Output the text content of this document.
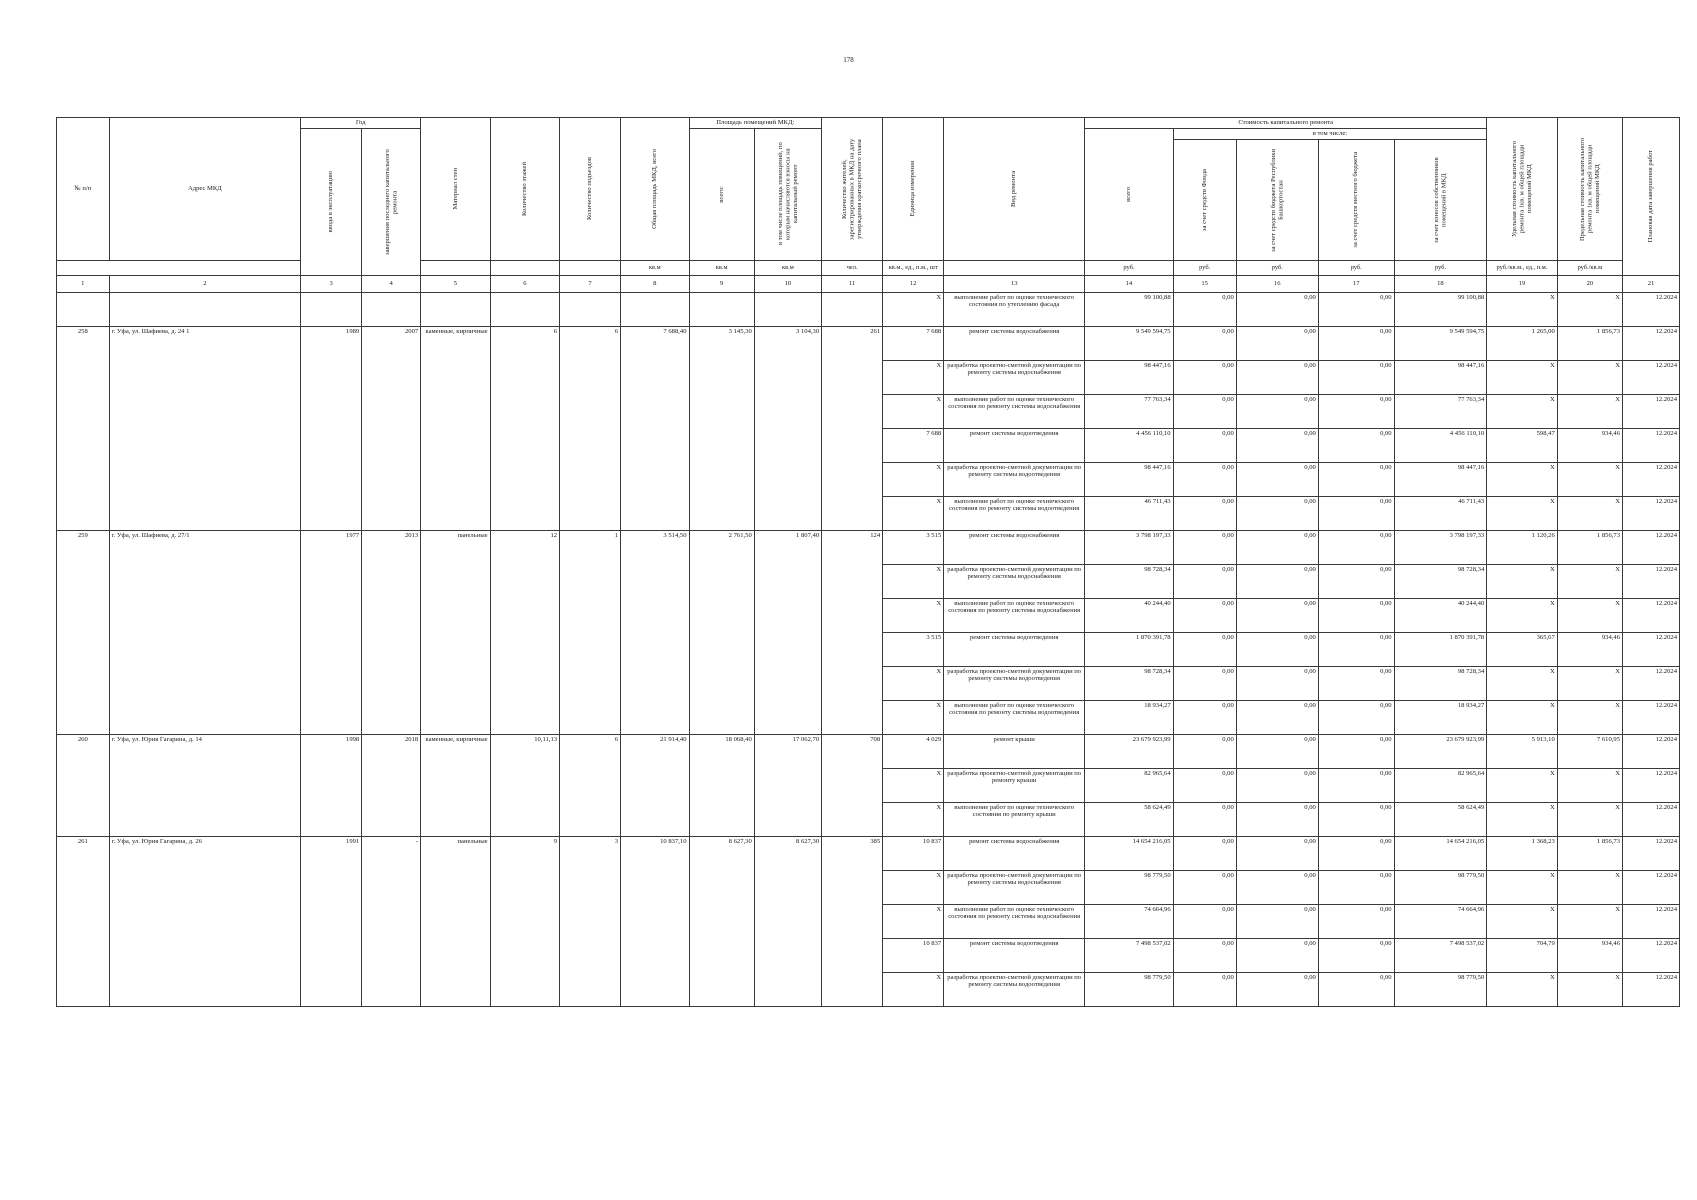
178
№ п/п	Адрес МКД	Год		Материал стен	Количество этажей	Количество подъездов	Общая площадь МКД, всего	Площадь помещений МКД:		Количество жителей, зарегистрированных в МКД на дату утверждения краткосрочного плана	Единица измерения	Вид ремонта	Стоимость капитального ремонта					Удельная стоимость капитального ремонта 1кв. м общей площади помещений МКД	Предельная стоимость капитального ремонта 1кв. м общей площади помещений МКД	Плановая дата завершения работ

		ввода в эксплуатацию	завершения последнего капитального ремонта					всего:	в том числе площадь помещений, по которым начисляются взносы на капитальный ремонт				всего	в том числе:						

														за счет средств Фонда	за счет средств бюджета Республики Башкортостан	за счет средств местного бюджета	за счет взносов собственников помещений в МКД			

							кв.м	кв.м	кв.м	чел.	кв.м., ед., п.м., шт		руб.	руб.	руб.	руб.	руб.	руб./кв.м., ед., п.м.	руб./кв.м	
1	2	3	4	5	6	7	8	9	10	11	12	13	14	15	16	17	18	19	20	21
											X	выполнение работ по оценке технического состояния по утеплению фасада	99 100,88	0,00	0,00	0,00	99 100,88	X	X	12.2024
258	г. Уфа, ул. Шафиева, д. 24 1	1989	2007	каменные, кирпичные	6	6	7 688,40	3 145,30	3 104,30	261	7 688	ремонт системы водоснабжения	9 549 594,75	0,00	0,00	0,00	9 549 594,75	1 265,00	1 856,73	12.2024
											X	разработка проектно-сметной документации по ремонту системы водоснабжения	98 447,16	0,00	0,00	0,00	98 447,16	X	X	12.2024
											X	выполнение работ по оценке технического состояния по ремонту системы водоснабжения	77 763,34	0,00	0,00	0,00	77 763,34	X	X	12.2024
											7 688	ремонт системы водоотведения	4 456 110,10	0,00	0,00	0,00	4 456 110,10	598,47	934,46	12.2024
											X	разработка проектно-сметной документации по ремонту системы водоотведения	98 447,16	0,00	0,00	0,00	98 447,16	X	X	12.2024
											X	выполнение работ по оценке технического состояния по ремонту системы водоотведения	46 711,43	0,00	0,00	0,00	46 711,43	X	X	12.2024
259	г. Уфа, ул. Шафиева, д. 27/1	1977	2013	панельные	12	1	3 514,50	2 761,50	1 807,40	124	3 515	ремонт системы водоснабжения	3 798 197,33	0,00	0,00	0,00	3 798 197,33	1 120,26	1 856,73	12.2024
											X	разработка проектно-сметной документации по ремонту системы водоснабжения	98 728,34	0,00	0,00	0,00	98 728,34	X	X	12.2024
											X	выполнение работ по оценке технического состояния по ремонту системы водоснабжения	40 244,40	0,00	0,00	0,00	40 244,40	X	X	12.2024
											3 515	ремонт системы водоотведения	1 870 391,78	0,00	0,00	0,00	1 870 391,78	365,67	934,46	12.2024
											X	разработка проектно-сметной документации по ремонту системы водоотведения	98 728,34	0,00	0,00	0,00	98 728,34	X	X	12.2024
											X	выполнение работ по оценке технического состояния по ремонту системы водоотведения	18 934,27	0,00	0,00	0,00	18 934,27	X	X	12.2024
260	г. Уфа, ул. Юрия Гагарина, д. 14	1998	2018	каменные, кирпичные	10,11,13	6	21 914,40	18 068,40	17 062,70	708	4 029	ремонт крыши	23 679 923,99	0,00	0,00	0,00	23 679 923,99	5 913,10	7 610,95	12.2024
											X	разработка проектно-сметной документации по ремонту крыши	82 965,64	0,00	0,00	0,00	82 965,64	X	X	12.2024
											X	выполнение работ по оценке технического состояния по ремонту крыши	58 624,49	0,00	0,00	0,00	58 624,49	X	X	12.2024
261	г. Уфа, ул. Юрия Гагарина, д. 26	1991	-	панельные	9	3	10 837,10	8 627,30	8 627,30	385	10 837	ремонт системы водоснабжения	14 654 216,05	0,00	0,00	0,00	14 654 216,05	1 368,23	1 856,73	12.2024
											X	разработка проектно-сметной документации по ремонту системы водоснабжения	98 779,50	0,00	0,00	0,00	98 779,50	X	X	12.2024
											X	выполнение работ по оценке технического состояния по ремонту системы водоснабжения	74 664,96	0,00	0,00	0,00	74 664,96	X	X	12.2024
											10 837	ремонт системы водоотведения	7 498 537,02	0,00	0,00	0,00	7 498 537,02	704,79	934,46	12.2024
											X	разработка проектно-сметной документации по ремонту системы водоотведения	98 779,50	0,00	0,00	0,00	98 779,50	X	X	12.2024
